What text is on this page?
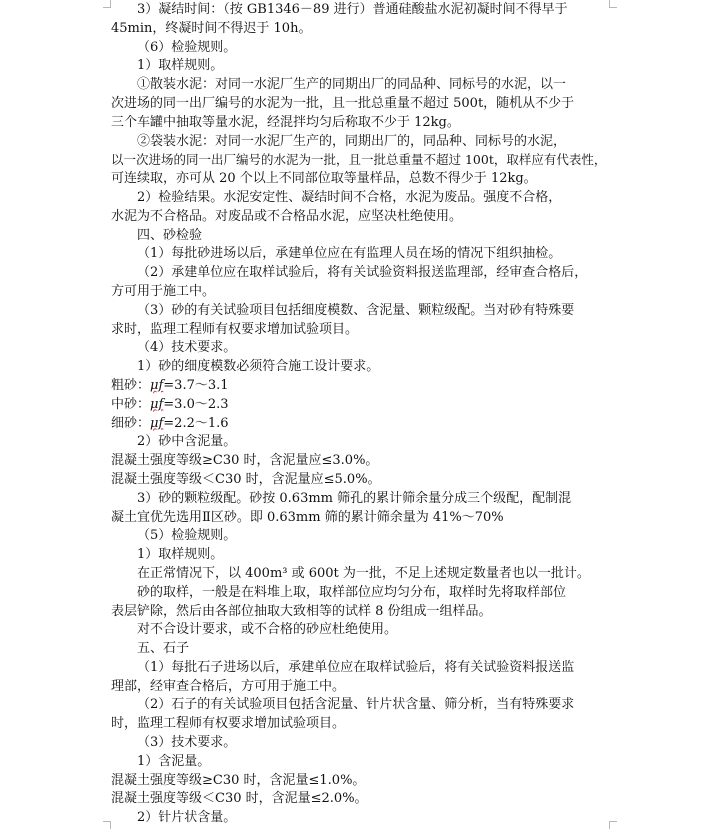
3）凝结时间：（按 GB1346－89 进行）普通硅酸盐水泥初凝时间不得早于

45min，终凝时间不得迟于 10h。

（6）检验规则。

1）取样规则。

①散装水泥：对同一水泥厂生产的同期出厂的同品种、同标号的水泥，以一

次进场的同一出厂编号的水泥为一批，且一批总重量不超过 500t，随机从不少于

三个车罐中抽取等量水泥，经混拌均匀后称取不少于 12kg。

②袋装水泥：对同一水泥厂生产的，同期出厂的，同品种、同标号的水泥，

以一次进场的同一出厂编号的水泥为一批，且一批总重量不超过 100t，取样应有代表性，

可连续取，亦可从 20 个以上不同部位取等量样品，总数不得少于 12kg。

2）检验结果。水泥安定性、凝结时间不合格，水泥为废品。强度不合格，

水泥为不合格品。对废品或不合格品水泥，应坚决杜绝使用。

四、砂检验

（1）每批砂进场以后，承建单位应在有监理人员在场的情况下组织抽检。

（2）承建单位应在取样试验后，将有关试验资料报送监理部，经审查合格后，

方可用于施工中。

（3）砂的有关试验项目包括细度模数、含泥量、颗粒级配。当对砂有特殊要

求时，监理工程师有权要求增加试验项目。

（4）技术要求。

1）砂的细度模数必须符合施工设计要求。

粗砂：μf=3.7～3.1

中砂：μf=3.0～2.3

细砂：μf=2.2～1.6

2）砂中含泥量。

混凝土强度等级≥C30 时，含泥量应≤3.0%。

混凝土强度等级＜C30 时，含泥量应≤5.0%。

3）砂的颗粒级配。砂按 0.63mm 筛孔的累计筛余量分成三个级配，配制混

凝土宜优先选用Ⅱ区砂。即 0.63mm 筛的累计筛余量为 41%～70%

（5）检验规则。

1）取样规则。

在正常情况下，以 400m³ 或 600t 为一批，不足上述规定数量者也以一批计。

砂的取样，一般是在料堆上取，取样部位应均匀分布，取样时先将取样部位

表层铲除，然后由各部位抽取大致相等的试样 8 份组成一组样品。

对不合设计要求，或不合格的砂应杜绝使用。

五、石子

（1）每批石子进场以后，承建单位应在取样试验后，将有关试验资料报送监

理部，经审查合格后，方可用于施工中。

（2）石子的有关试验项目包括含泥量、针片状含量、筛分析，当有特殊要求

时，监理工程师有权要求增加试验项目。

（3）技术要求。

1）含泥量。

混凝土强度等级≥C30 时，含泥量≤1.0%。

混凝土强度等级＜C30 时，含泥量≤2.0%。

2）针片状含量。
